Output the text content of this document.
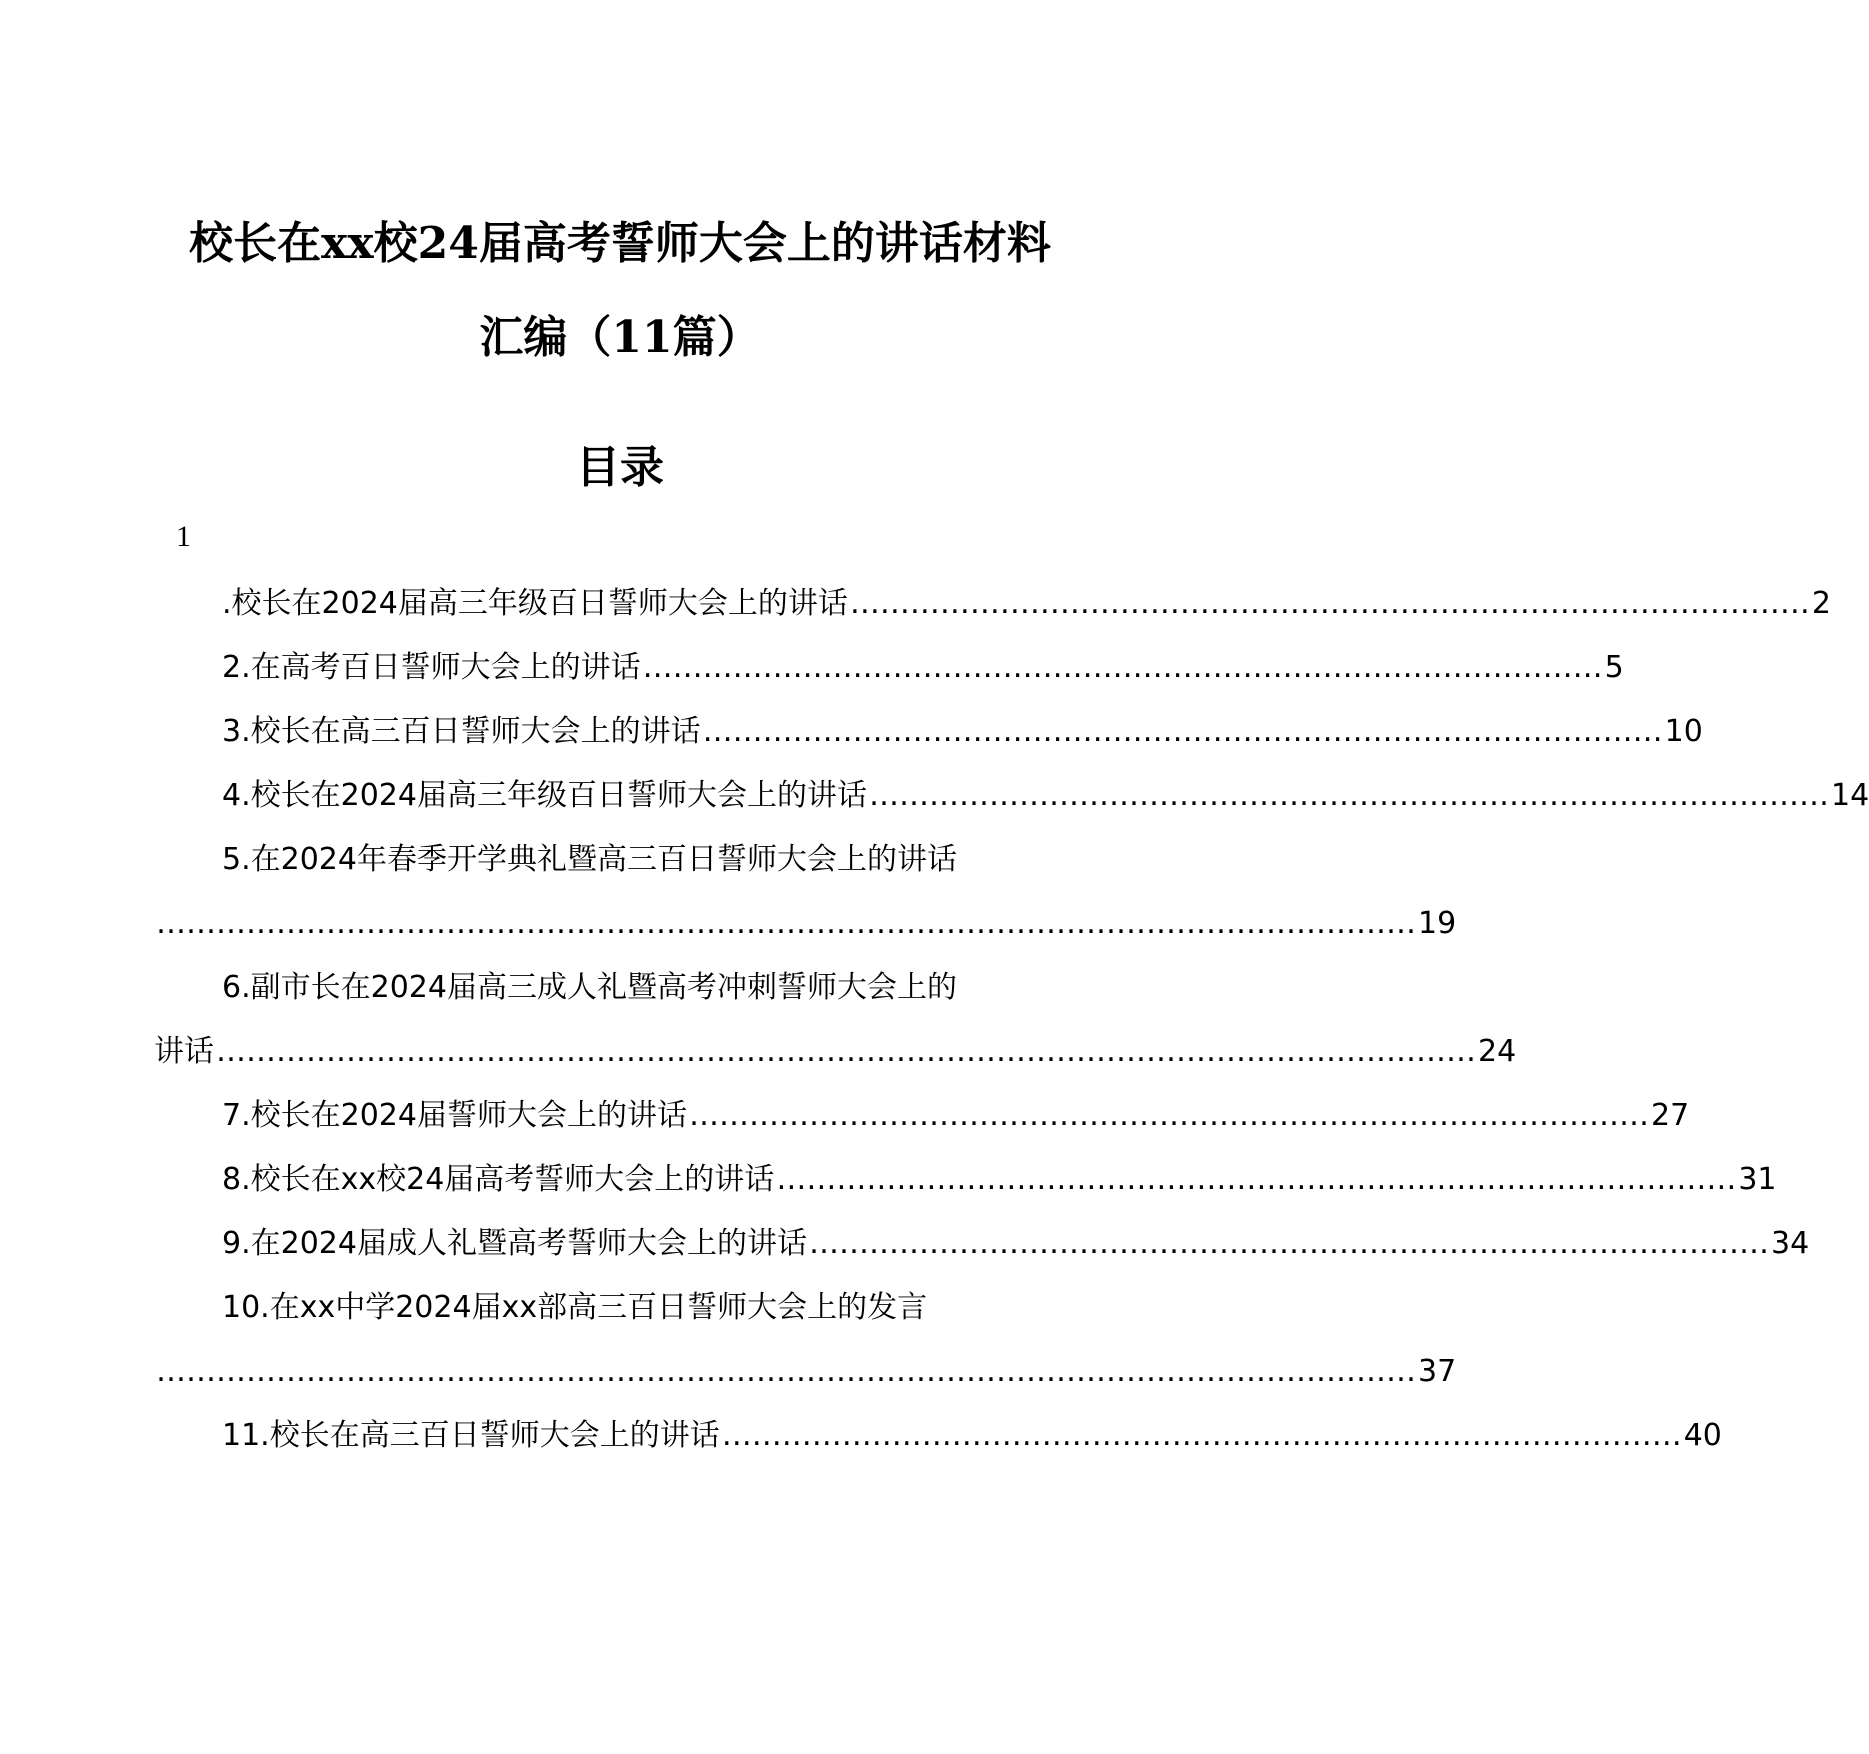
校长在xx校24届高考誓师大会上的讲话材料
汇编（11篇）
目录
1
.校长在2024届高三年级百日誓师大会上的讲话 …………………………………………………………………………………… 2
2.在高考百日誓师大会上的讲话 …………………………………………………………………………………… 5
3.校长在高三百日誓师大会上的讲话 …………………………………………………………………………………… 10
4.校长在2024届高三年级百日誓师大会上的讲话 …………………………………………………………………………………… 14
5.在2024年春季开学典礼暨高三百日誓师大会上的讲话
……………………………………………………………………………………………………………… 19
6.副市长在2024届高三成人礼暨高考冲刺誓师大会上的
讲话 ……………………………………………………………………………………………………………… 24
7.校长在2024届誓师大会上的讲话 …………………………………………………………………………………… 27
8.校长在xx校24届高考誓师大会上的讲话 …………………………………………………………………………………… 31
9.在2024届成人礼暨高考誓师大会上的讲话 …………………………………………………………………………………… 34
10.在xx中学2024届xx部高三百日誓师大会上的发言
……………………………………………………………………………………………………………… 37
11.校长在高三百日誓师大会上的讲话 …………………………………………………………………………………… 40
